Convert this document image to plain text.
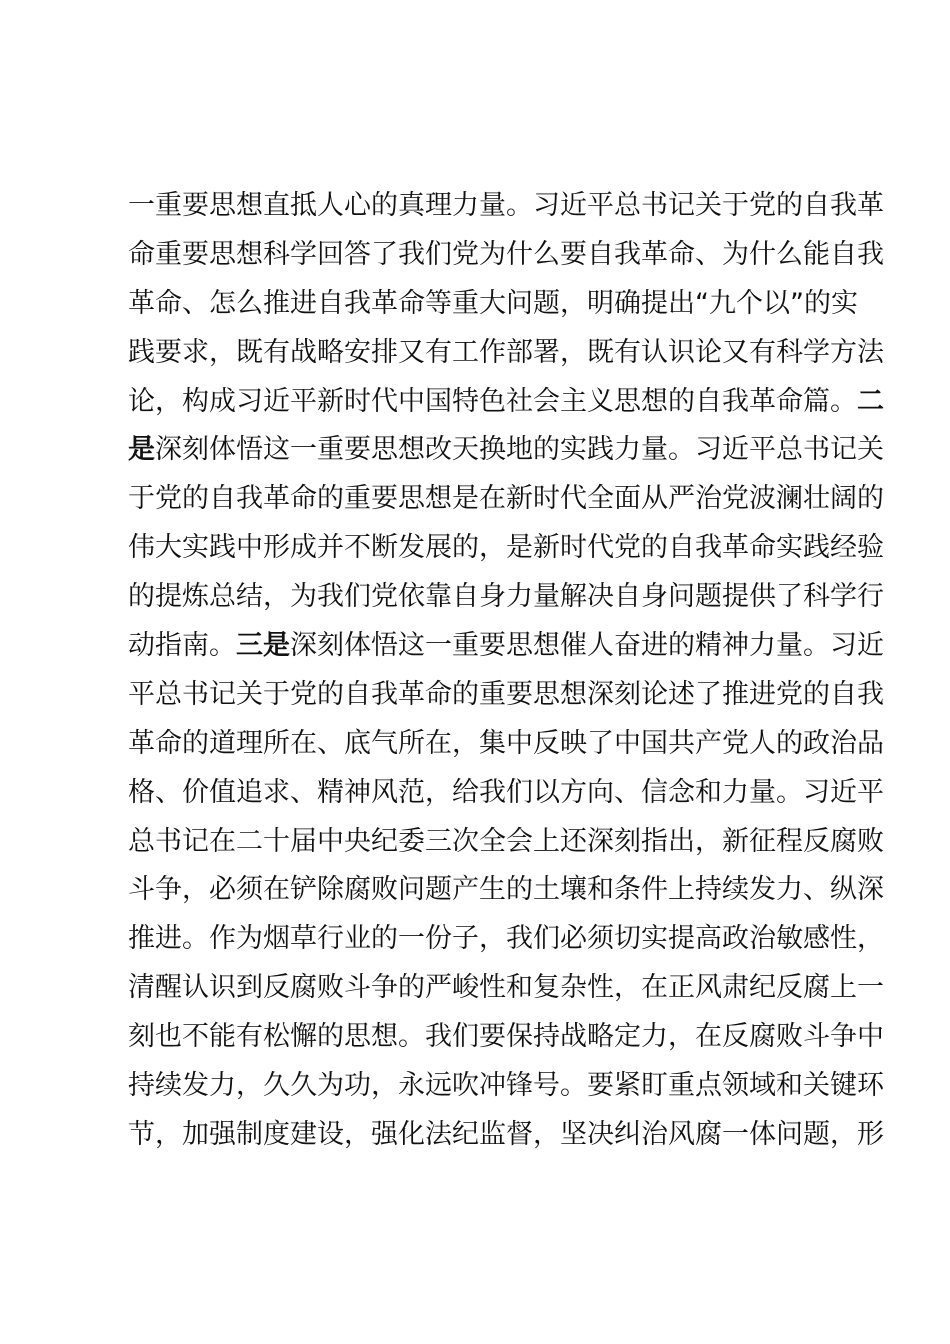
一重要思想直抵人心的真理力量。习近平总书记关于党的自我革
命重要思想科学回答了我们党为什么要自我革命、为什么能自我
革命、怎么推进自我革命等重大问题，明确提出“九个以”的实
践要求，既有战略安排又有工作部署，既有认识论又有科学方法
论，构成习近平新时代中国特色社会主义思想的自我革命篇。二
是深刻体悟这一重要思想改天换地的实践力量。习近平总书记关
于党的自我革命的重要思想是在新时代全面从严治党波澜壮阔的
伟大实践中形成并不断发展的，是新时代党的自我革命实践经验
的提炼总结，为我们党依靠自身力量解决自身问题提供了科学行
动指南。三是深刻体悟这一重要思想催人奋进的精神力量。习近
平总书记关于党的自我革命的重要思想深刻论述了推进党的自我
革命的道理所在、底气所在，集中反映了中国共产党人的政治品
格、价值追求、精神风范，给我们以方向、信念和力量。习近平
总书记在二十届中央纪委三次全会上还深刻指出，新征程反腐败
斗争，必须在铲除腐败问题产生的土壤和条件上持续发力、纵深
推进。作为烟草行业的一份子，我们必须切实提高政治敏感性，
清醒认识到反腐败斗争的严峻性和复杂性，在正风肃纪反腐上一
刻也不能有松懈的思想。我们要保持战略定力，在反腐败斗争中
持续发力，久久为功，永远吹冲锋号。要紧盯重点领域和关键环
节，加强制度建设，强化法纪监督，坚决纠治风腐一体问题，形
